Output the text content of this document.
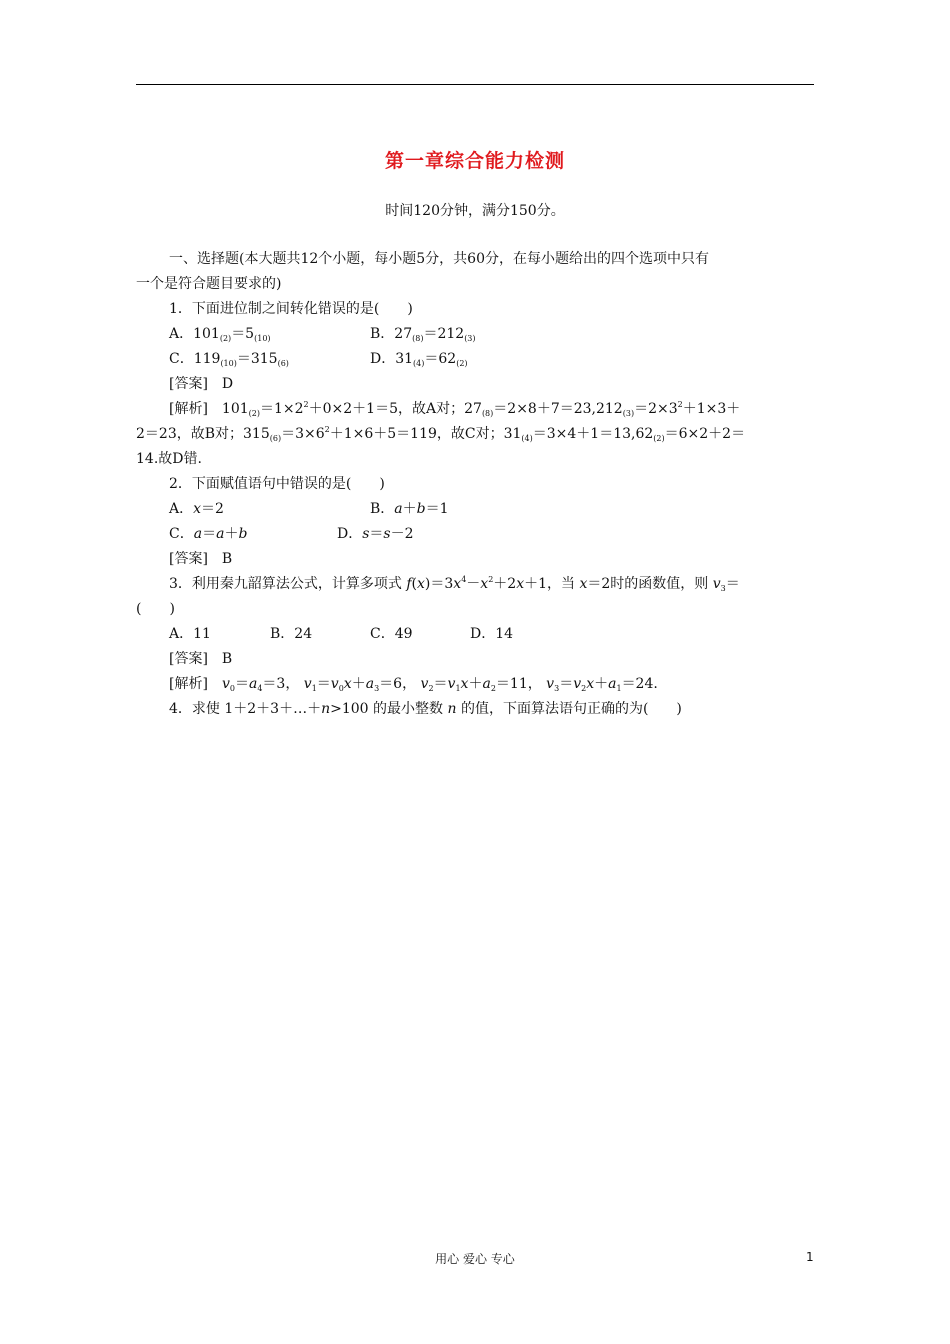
第一章综合能力检测
时间120分钟，满分150分。
一、选择题(本大题共12个小题，每小题5分，共60分，在每小题给出的四个选项中只有
一个是符合题目要求的)
1．下面进位制之间转化错误的是(　　)
A．$101_{(2)}=5_{(10)}$	B．$27_{(8)}=212_{(3)}$
C．$119_{(10)}=315_{(6)}$	D．$31_{(4)}=62_{(2)}$
[答案]　D
[解析]　$101_{(2)}=1\times 2^2+0\times 2+1=5$，故A对；$27_{(8)}=2\times 8+7=23,212_{(3)}=2\times 3^2+1\times 3+$
2＝23，故B对；$315_{(6)}=3\times 6^2+1\times 6+5=119$，故C对；$31_{(4)}=3\times 4+1=13,62_{(2)}=6\times 2+2=$
14.故D错.
2．下面赋值语句中错误的是(　　)
A．x＝2	B．a＋b＝1
C．a＝a＋b	D．s＝s－2
[答案]　B
3．利用秦九韶算法公式，计算多项式 $f(x)=3x^4-x^2+2x+1$，当 x＝2时的函数值，则 $v_3=$
(　　)
A．11	B．24	C．49	D．14
[答案]　B
[解析]　$v_0=a_4=3$， $v_1=v_0x+a_3=6$， $v_2=v_1x+a_2=11$， $v_3=v_2x+a_1=24$.
4．求使 1＋2＋3＋…＋n>100 的最小整数 n 的值，下面算法语句正确的为(　　)
用心 爱心 专心	1
